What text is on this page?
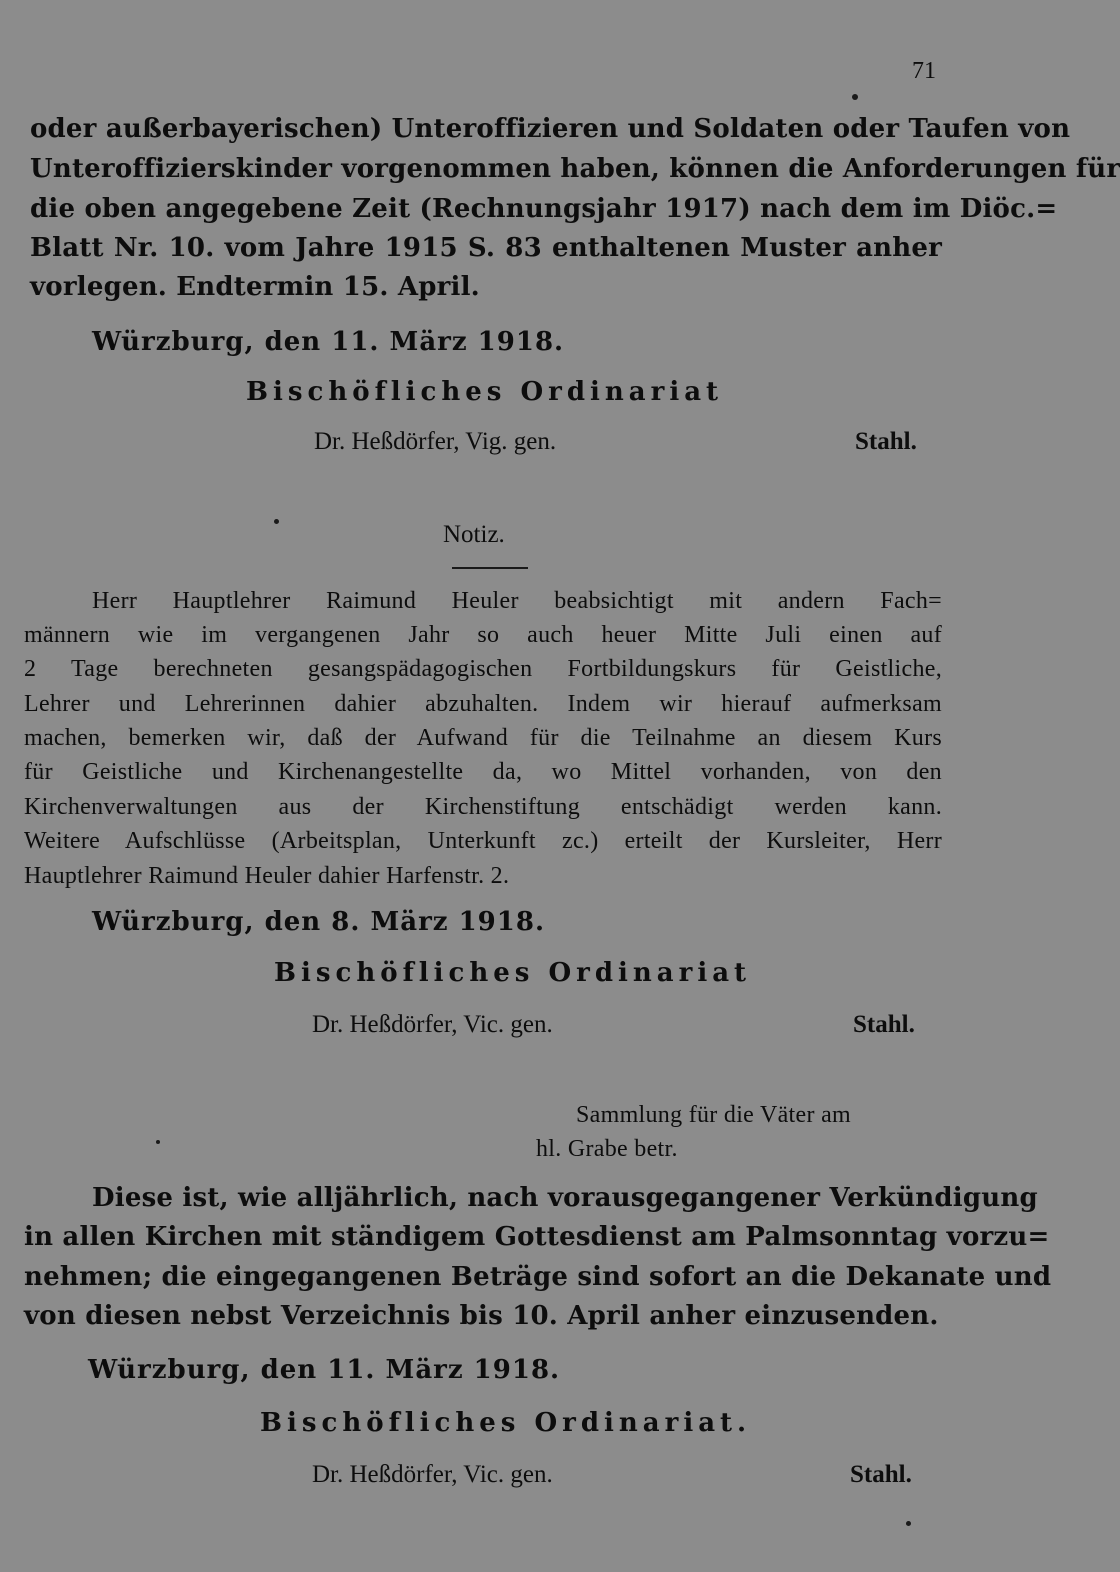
71
oder außerbayerischen) Unteroffizieren und Soldaten oder Taufen von
Unteroffizierskinder vorgenommen haben, können die Anforderungen für
die oben angegebene Zeit (Rechnungsjahr 1917) nach dem im Diöc.=
Blatt Nr. 10. vom Jahre 1915 S. 83 enthaltenen Muster anher
vorlegen. Endtermin 15. April.
Würzburg, den 11. März 1918.
Bischöfliches Ordinariat
Dr. Heßdörfer, Vig. gen.	Stahl.
Notiz.
Herr Hauptlehrer Raimund Heuler beabsichtigt mit andern Fach=
männern wie im vergangenen Jahr so auch heuer Mitte Juli einen auf
2 Tage berechneten gesangspädagogischen Fortbildungskurs für Geistliche,
Lehrer und Lehrerinnen dahier abzuhalten. Indem wir hierauf aufmerksam
machen, bemerken wir, daß der Aufwand für die Teilnahme an diesem Kurs
für Geistliche und Kirchenangestellte da, wo Mittel vorhanden, von den
Kirchenverwaltungen aus der Kirchenstiftung entschädigt werden kann.
Weitere Aufschlüsse (Arbeitsplan, Unterkunft zc.) erteilt der Kursleiter, Herr
Hauptlehrer Raimund Heuler dahier Harfenstr. 2.
Würzburg, den 8. März 1918.
Bischöfliches Ordinariat
Dr. Heßdörfer, Vic. gen.	Stahl.
Sammlung für die Väter am
hl. Grabe betr.
Diese ist, wie alljährlich, nach vorausgegangener Verkündigung
in allen Kirchen mit ständigem Gottesdienst am Palmsonntag vorzu=
nehmen; die eingegangenen Beträge sind sofort an die Dekanate und
von diesen nebst Verzeichnis bis 10. April anher einzusenden.
Würzburg, den 11. März 1918.
Bischöfliches Ordinariat.
Dr. Heßdörfer, Vic. gen.	Stahl.
